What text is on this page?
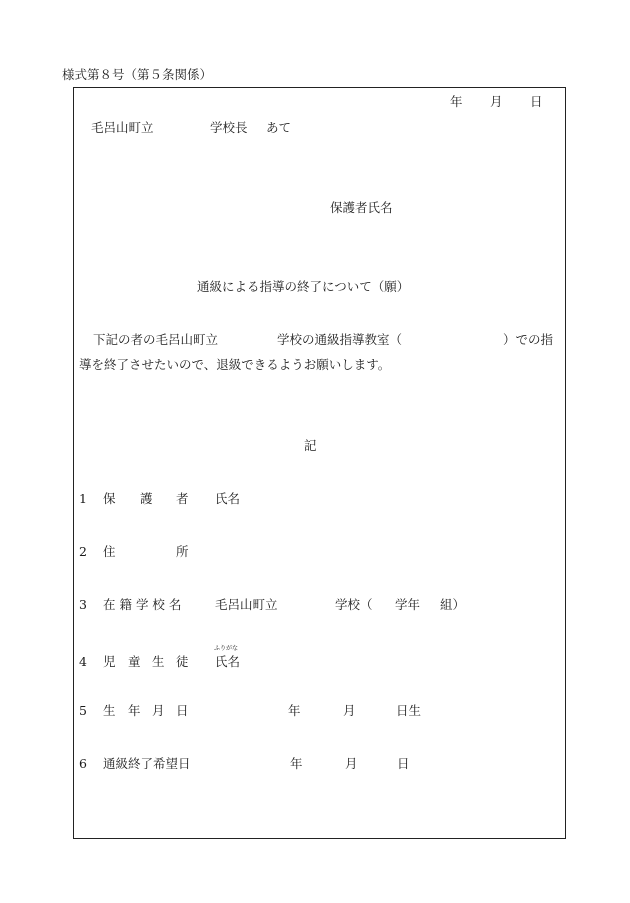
様式第８号（第５条関係）
年 月 日
毛呂山町立	学校長 あて
保護者氏名
通級による指導の終了について（願）
下記の者の毛呂山町立	学校の通級指導教室（	）での指
導を終了させたいので、退級できるようお願いします。
記
1 保 護 者 氏名
2 住	所
3 在 籍 学 校 名	毛呂山町立	学校（ 学年 組）
4 児 童 生 徒
ふりがな
氏名
5 生 年 月 日	年	月	日生
6 通級終了希望日	年	月	日
